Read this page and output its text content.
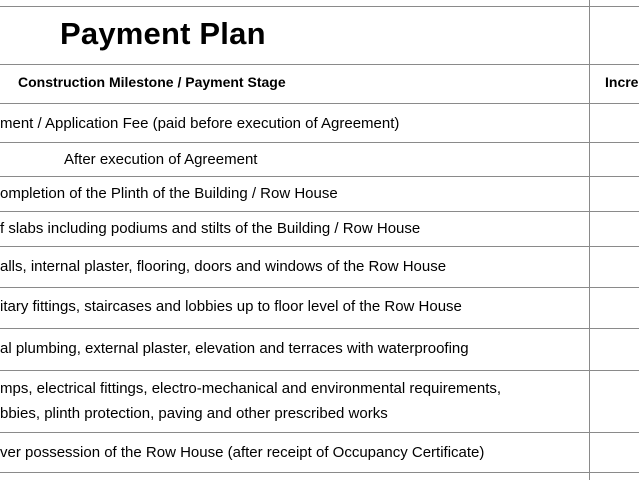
Payment Plan
Construction Milestone / Payment Stage	Incre
ment / Application Fee (paid before execution of Agreement)
After execution of Agreement
ompletion of the Plinth of the Building / Row House
f slabs including podiums and stilts of the Building / Row House
alls, internal plaster, flooring, doors and windows of the Row House
itary fittings, staircases and lobbies up to floor level of the Row House
al plumbing, external plaster, elevation and terraces with waterproofing
mps, electrical fittings, electro-mechanical and environmental requirements,
bbies, plinth protection, paving and other prescribed works
ver possession of the Row House (after receipt of Occupancy Certificate)
